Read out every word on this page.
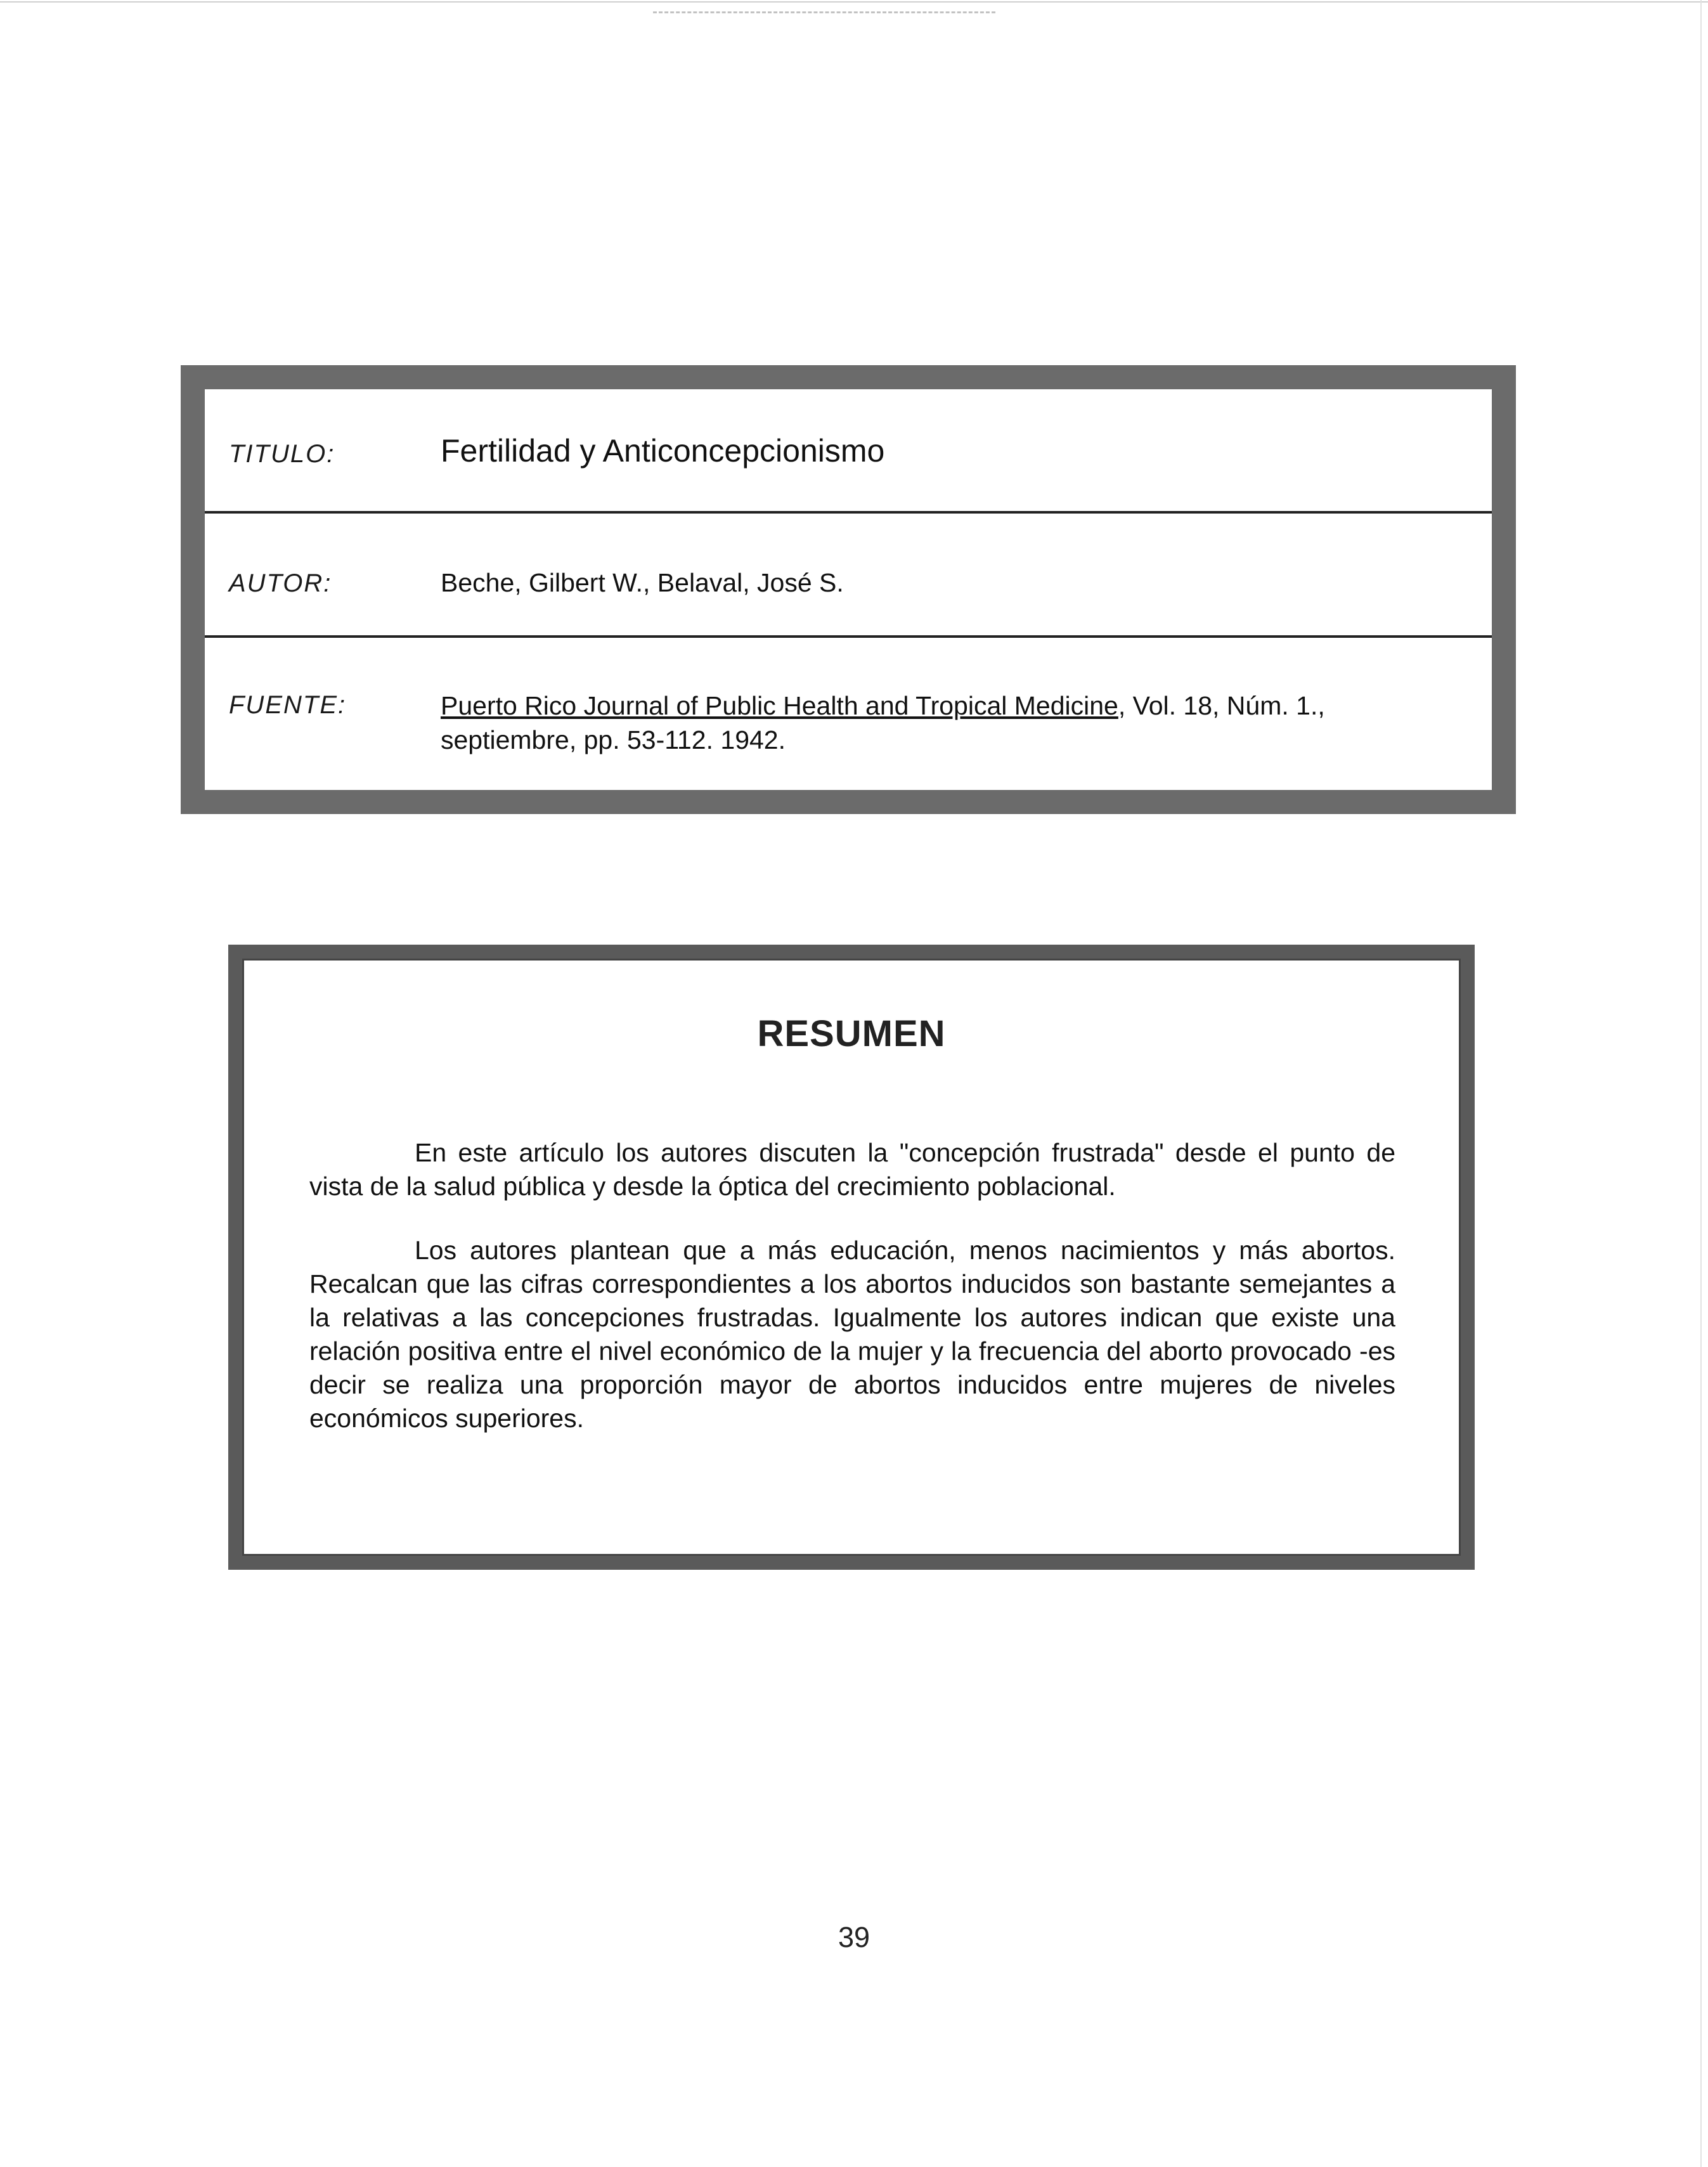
TITULO:	Fertilidad y Anticoncepcionismo
AUTOR:	Beche, Gilbert W., Belaval, José S.
FUENTE:	Puerto Rico Journal of Public Health and Tropical Medicine, Vol. 18, Núm. 1.,
septiembre, pp. 53-112. 1942.
RESUMEN

En este artículo los autores discuten la "concepción frustrada" desde el punto de vista de la salud pública y desde la óptica del crecimiento poblacional.

Los autores plantean que a más educación, menos nacimientos y más abortos. Recalcan que las cifras correspondientes a los abortos inducidos son bastante semejantes a la relativas a las concepciones frustradas. Igualmente los autores indican que existe una relación positiva entre el nivel económico de la mujer y la frecuencia del aborto provocado -es decir se realiza una proporción mayor de abortos inducidos entre mujeres de niveles económicos superiores.

39
